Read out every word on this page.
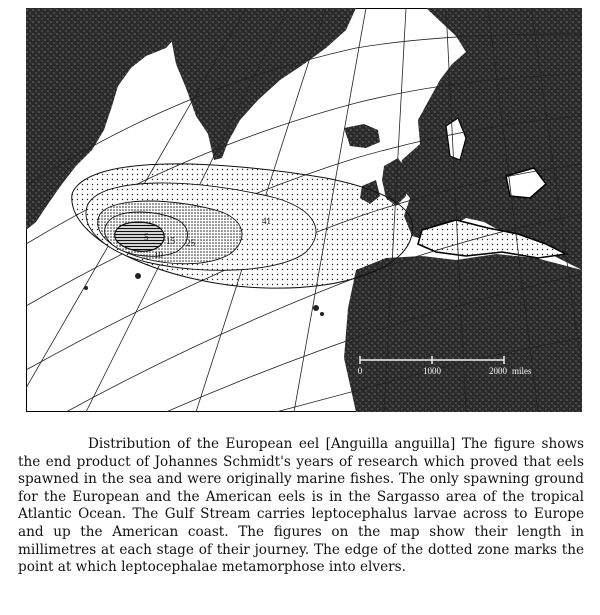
41
15 25
10
5
0	1000	2000 miles

Distribution of the European eel [Anguilla anguilla] The figure shows the end product of Johannes Schmidt's years of research which proved that eels spawned in the sea and were originally marine fishes. The only spawning ground for the European and the American eels is in the Sargasso area of the tropical Atlantic Ocean. The Gulf Stream carries leptocephalus larvae across to Europe and up the American coast. The figures on the map show their length in millimetres at each stage of their journey. The edge of the dotted zone marks the point at which leptocephalae metamorphose into elvers.
